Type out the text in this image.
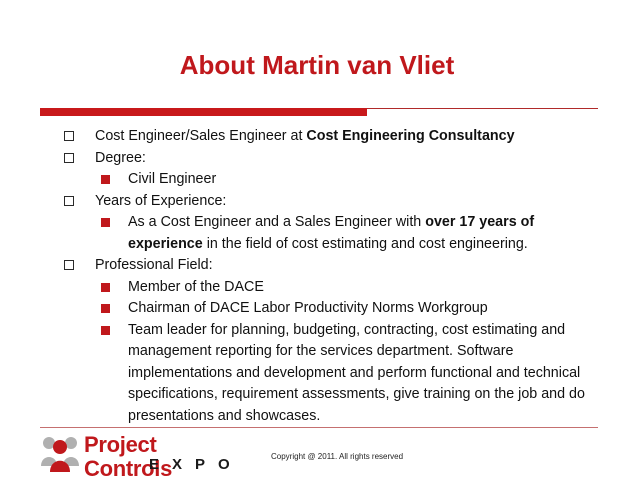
About Martin van Vliet
Cost Engineer/Sales Engineer at Cost Engineering Consultancy
Degree:
Civil Engineer
Years of Experience:
As a Cost Engineer and a Sales Engineer with over 17 years of experience in the field of cost estimating and cost engineering.
Professional Field:
Member of the DACE
Chairman of DACE Labor Productivity Norms Workgroup
Team leader for planning, budgeting, contracting, cost estimating and management reporting for the services department. Software implementations and development and perform functional and technical specifications, requirement assessments, give training on the job and do presentations and showcases.
Project Controls
EXPO	Copyright @ 2011. All rights reserved
